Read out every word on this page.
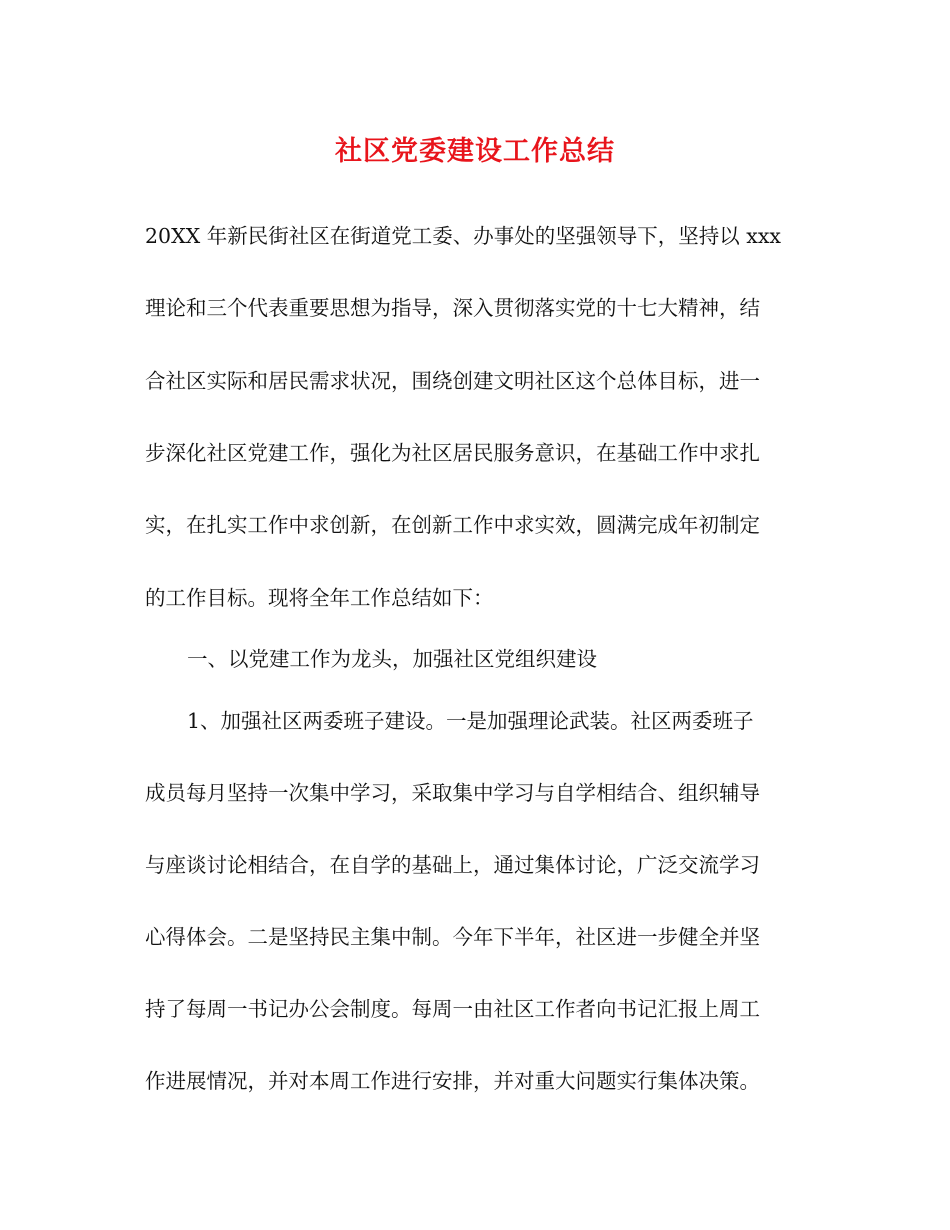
社区党委建设工作总结
20XX 年新民街社区在街道党工委、办事处的坚强领导下，坚持以 xxx
理论和三个代表重要思想为指导，深入贯彻落实党的十七大精神，结
合社区实际和居民需求状况，围绕创建文明社区这个总体目标，进一
步深化社区党建工作，强化为社区居民服务意识，在基础工作中求扎
实，在扎实工作中求创新，在创新工作中求实效，圆满完成年初制定
的工作目标。现将全年工作总结如下：
一、以党建工作为龙头，加强社区党组织建设
1、加强社区两委班子建设。一是加强理论武装。社区两委班子
成员每月坚持一次集中学习，采取集中学习与自学相结合、组织辅导
与座谈讨论相结合，在自学的基础上，通过集体讨论，广泛交流学习
心得体会。二是坚持民主集中制。今年下半年，社区进一步健全并坚
持了每周一书记办公会制度。每周一由社区工作者向书记汇报上周工
作进展情况，并对本周工作进行安排，并对重大问题实行集体决策。
